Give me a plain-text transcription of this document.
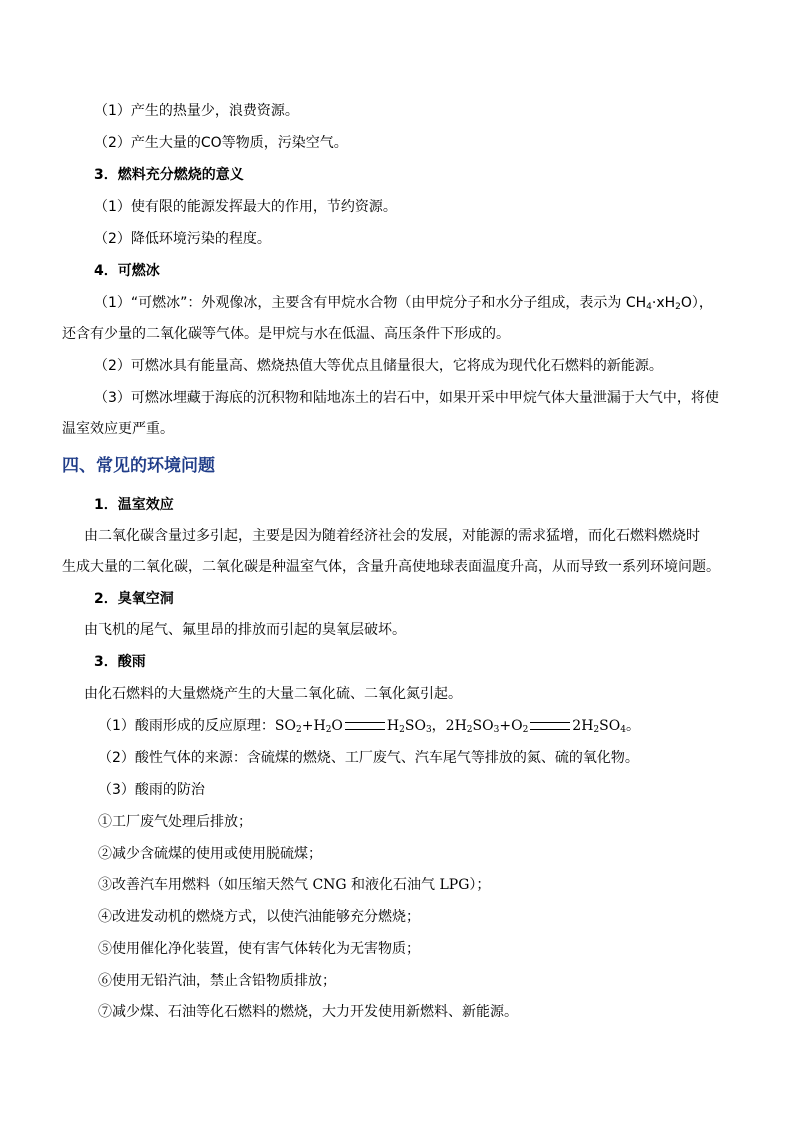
（1）产生的热量少，浪费资源。
（2）产生大量的CO等物质，污染空气。
3．燃料充分燃烧的意义
（1）使有限的能源发挥最大的作用，节约资源。
（2）降低环境污染的程度。
4．可燃冰
（1）“可燃冰”：外观像冰，主要含有甲烷水合物（由甲烷分子和水分子组成，表示为 $CH_4\cdot xH_2O$），
还含有少量的二氧化碳等气体。是甲烷与水在低温、高压条件下形成的。
（2）可燃冰具有能量高、燃烧热值大等优点且储量很大，它将成为现代化石燃料的新能源。
（3）可燃冰埋藏于海底的沉积物和陆地冻土的岩石中，如果开采中甲烷气体大量泄漏于大气中，将使
温室效应更严重。
四、常见的环境问题
1．温室效应
由二氧化碳含量过多引起，主要是因为随着经济社会的发展，对能源的需求猛增，而化石燃料燃烧时
生成大量的二氧化碳，二氧化碳是种温室气体，含量升高使地球表面温度升高，从而导致一系列环境问题。
2．臭氧空洞
由飞机的尾气、氟里昂的排放而引起的臭氧层破坏。
3．酸雨
由化石燃料的大量燃烧产生的大量二氧化硫、二氧化氮引起。
（1）酸雨形成的反应原理：$SO_2+H_2O$	$H_2SO_3$，$2H_2SO_3+O_2$	$2H_2SO_4$。
（2）酸性气体的来源：含硫煤的燃烧、工厂废气、汽车尾气等排放的氮、硫的氧化物。
（3）酸雨的防治
①工厂废气处理后排放；
②减少含硫煤的使用或使用脱硫煤；
③改善汽车用燃料（如压缩天然气 CNG 和液化石油气 LPG）；
④改进发动机的燃烧方式，以使汽油能够充分燃烧；
⑤使用催化净化装置，使有害气体转化为无害物质；
⑥使用无铅汽油，禁止含铅物质排放；
⑦减少煤、石油等化石燃料的燃烧，大力开发使用新燃料、新能源。
